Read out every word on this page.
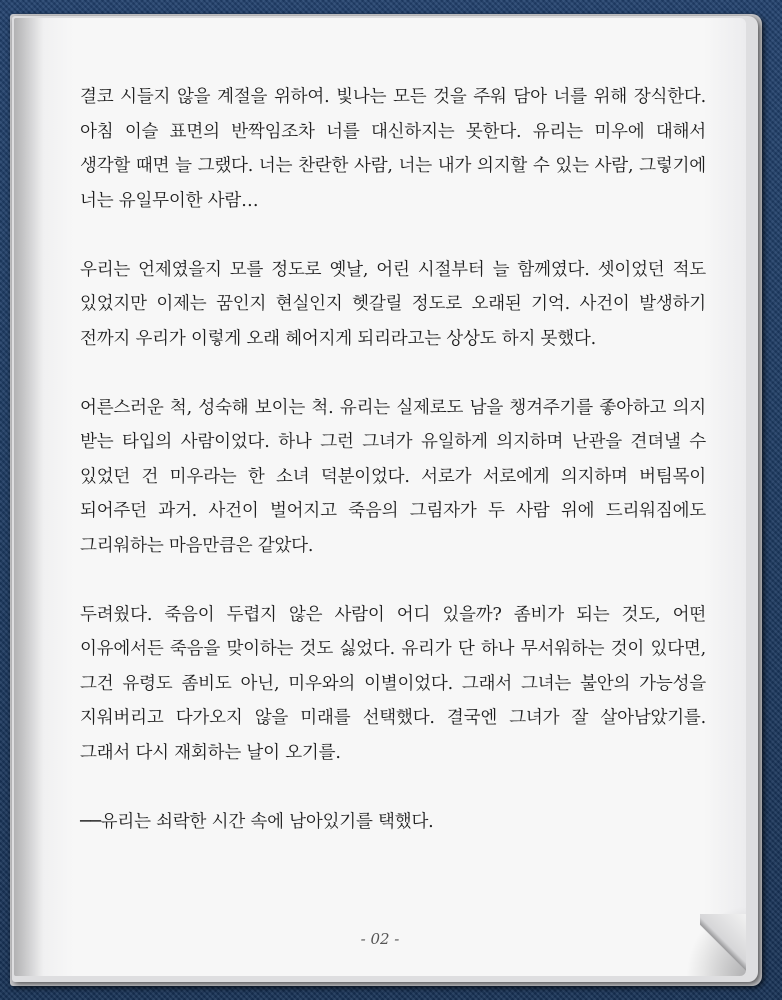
결코 시들지 않을 계절을 위하여. 빛나는 모든 것을 주워 담아 너를 위해 장식한다. 아침 이슬 표면의 반짝임조차 너를 대신하지는 못한다. 유리는 미우에 대해서 생각할 때면 늘 그랬다. 너는 찬란한 사람, 너는 내가 의지할 수 있는 사람, 그렇기에 너는 유일무이한 사람…

우리는 언제였을지 모를 정도로 옛날, 어린 시절부터 늘 함께였다. 셋이었던 적도 있었지만 이제는 꿈인지 현실인지 헷갈릴 정도로 오래된 기억. 사건이 발생하기 전까지 우리가 이렇게 오래 헤어지게 되리라고는 상상도 하지 못했다.

어른스러운 척, 성숙해 보이는 척. 유리는 실제로도 남을 챙겨주기를 좋아하고 의지 받는 타입의 사람이었다. 하나 그런 그녀가 유일하게 의지하며 난관을 견뎌낼 수 있었던 건 미우라는 한 소녀 덕분이었다. 서로가 서로에게 의지하며 버팀목이 되어주던 과거. 사건이 벌어지고 죽음의 그림자가 두 사람 위에 드리워짐에도 그리워하는 마음만큼은 같았다.

두려웠다. 죽음이 두렵지 않은 사람이 어디 있을까? 좀비가 되는 것도, 어떤 이유에서든 죽음을 맞이하는 것도 싫었다. 유리가 단 하나 무서워하는 것이 있다면, 그건 유령도 좀비도 아닌, 미우와의 이별이었다. 그래서 그녀는 불안의 가능성을 지워버리고 다가오지 않을 미래를 선택했다. 결국엔 그녀가 잘 살아남았기를. 그래서 다시 재회하는 날이 오기를.

──유리는 쇠락한 시간 속에 남아있기를 택했다.

- 02 -
